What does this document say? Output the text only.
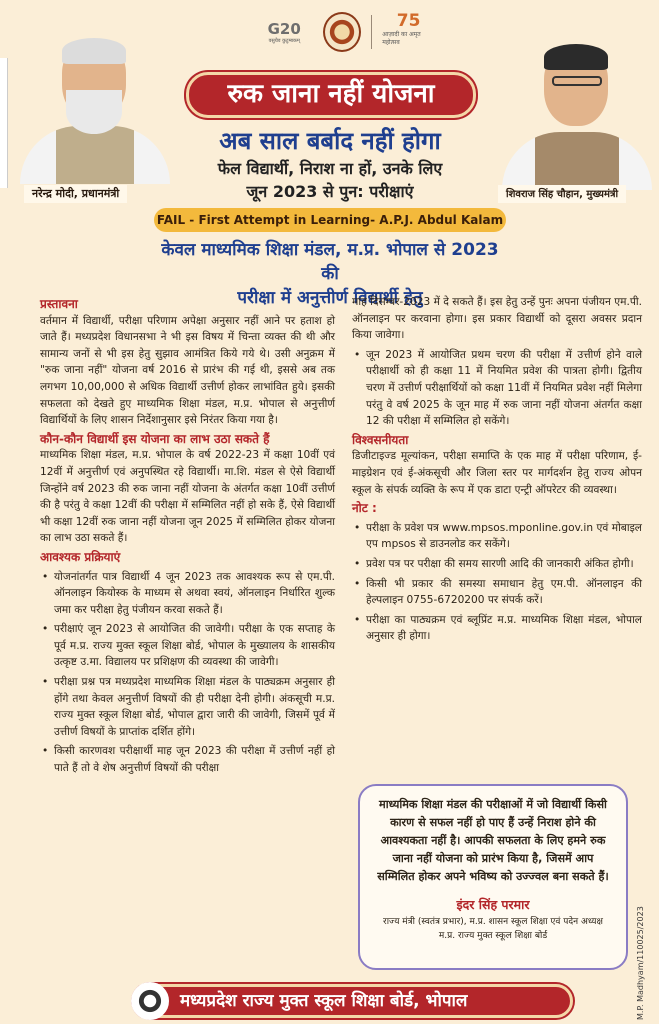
G20
वसुधैव कुटुम्बकम्
75
आज़ादी का अमृत महोत्सव
नरेन्द्र मोदी, प्रधानमंत्री	शिवराज सिंह चौहान, मुख्यमंत्री
रुक जाना नहीं योजना
अब साल बर्बाद नहीं होगा
फेल विद्यार्थी, निराश ना हों, उनके लिए
जून 2023 से पुन: परीक्षाएं
FAIL - First Attempt in Learning- A.P.J. Abdul Kalam
केवल माध्यमिक शिक्षा मंडल, म.प्र. भोपाल से 2023 की
परीक्षा में अनुत्तीर्ण विद्यार्थी हेतु
प्रस्तावना
वर्तमान में विद्यार्थी, परीक्षा परिणाम अपेक्षा अनुसार नहीं आने पर हताश हो जाते हैं। मध्यप्रदेश विधानसभा ने भी इस विषय में चिन्ता व्यक्त की थी और सामान्य जनों से भी इस हेतु सुझाव आमंत्रित किये गये थे। उसी अनुक्रम में "रुक जाना नहीं" योजना वर्ष 2016 से प्रारंभ की गई थी, इससे अब तक लगभग 10,00,000 से अधिक विद्यार्थी उत्तीर्ण होकर लाभांवित हुये। इसकी सफलता को देखते हुए माध्यमिक शिक्षा मंडल, म.प्र. भोपाल से अनुत्तीर्ण विद्यार्थियों के लिए शासन निर्देशानुसार इसे निरंतर किया गया है।
कौन-कौन विद्यार्थी इस योजना का लाभ उठा सकते हैं
माध्यमिक शिक्षा मंडल, म.प्र. भोपाल के वर्ष 2022-23 में कक्षा 10वीं एवं 12वीं में अनुत्तीर्ण एवं अनुपस्थित रहे विद्यार्थी। मा.शि. मंडल से ऐसे विद्यार्थी जिन्होंने वर्ष 2023 की रुक जाना नहीं योजना के अंतर्गत कक्षा 10वीं उत्तीर्ण की है परंतु वे कक्षा 12वीं की परीक्षा में सम्मिलित नहीं हो सके हैं, ऐसे विद्यार्थी भी कक्षा 12वीं रुक जाना नहीं योजना जून 2025 में सम्मिलित होकर योजना का लाभ उठा सकते हैं।
आवश्यक प्रक्रियाएं
• योजनांतर्गत पात्र विद्यार्थी 4 जून 2023 तक आवश्यक रूप से एम.पी. ऑनलाइन कियोस्क के माध्यम से अथवा स्वयं, ऑनलाइन निर्धारित शुल्क जमा कर परीक्षा हेतु पंजीयन करवा सकते हैं।
• परीक्षाएं जून 2023 से आयोजित की जावेगी। परीक्षा के एक सप्ताह के पूर्व म.प्र. राज्य मुक्त स्कूल शिक्षा बोर्ड, भोपाल के मुख्यालय के शासकीय उत्कृष्ट उ.मा. विद्यालय पर प्रशिक्षण की व्यवस्था की जावेगी।
• परीक्षा प्रश्न पत्र मध्यप्रदेश माध्यमिक शिक्षा मंडल के पाठ्यक्रम अनुसार ही होंगे तथा केवल अनुत्तीर्ण विषयों की ही परीक्षा देनी होगी। अंकसूची म.प्र. राज्य मुक्त स्कूल शिक्षा बोर्ड, भोपाल द्वारा जारी की जावेगी, जिसमें पूर्व में उत्तीर्ण विषयों के प्राप्तांक दर्शित होंगे।
• किसी कारणवश परीक्षार्थी माह जून 2023 की परीक्षा में उत्तीर्ण नहीं हो पाते हैं तो वे शेष अनुत्तीर्ण विषयों की परीक्षा
माह दिसम्बर-2023 में दे सकते हैं। इस हेतु उन्हें पुनः अपना पंजीयन एम.पी. ऑनलाइन पर करवाना होगा। इस प्रकार विद्यार्थी को दूसरा अवसर प्रदान किया जावेगा।
• जून 2023 में आयोजित प्रथम चरण की परीक्षा में उत्तीर्ण होने वाले परीक्षार्थी को ही कक्षा 11 में नियमित प्रवेश की पात्रता होगी। द्वितीय चरण में उत्तीर्ण परीक्षार्थियों को कक्षा 11वीं में नियमित प्रवेश नहीं मिलेगा परंतु वे वर्ष 2025 के जून माह में रुक जाना नहीं योजना अंतर्गत कक्षा 12 की परीक्षा में सम्मिलित हो सकेंगे।
विश्वसनीयता
डिजीटाइज्ड मूल्यांकन, परीक्षा समाप्ति के एक माह में परीक्षा परिणाम, ई-माइग्रेशन एवं ई-अंकसूची और जिला स्तर पर मार्गदर्शन हेतु राज्य ओपन स्कूल के संपर्क व्यक्ति के रूप में एक डाटा एन्ट्री ऑपरेटर की व्यवस्था।
नोट :
• परीक्षा के प्रवेश पत्र www.mpsos.mponline.gov.in एवं मोबाइल एप mpsos से डाउनलोड कर सकेंगे।
• प्रवेश पत्र पर परीक्षा की समय सारणी आदि की जानकारी अंकित होगी।
• किसी भी प्रकार की समस्या समाधान हेतु एम.पी. ऑनलाइन की हेल्पलाइन 0755-6720200 पर संपर्क करें।
• परीक्षा का पाठ्यक्रम एवं ब्लूप्रिंट म.प्र. माध्यमिक शिक्षा मंडल, भोपाल अनुसार ही होगा।
माध्यमिक शिक्षा मंडल की परीक्षाओं में जो विद्यार्थी किसी कारण से सफल नहीं हो पाए हैं उन्हें निराश होने की आवश्यकता नहीं है। आपकी सफलता के लिए हमने रुक जाना नहीं योजना को प्रारंभ किया है, जिसमें आप सम्मिलित होकर अपने भविष्य को उज्ज्वल बना सकते हैं।
इंदर सिंह परमार
राज्य मंत्री (स्वतंत्र प्रभार), म.प्र. शासन स्कूल शिक्षा एवं पदेन अध्यक्ष म.प्र. राज्य मुक्त स्कूल शिक्षा बोर्ड	M.P. Madhyam/110025/2023
मध्यप्रदेश राज्य मुक्त स्कूल शिक्षा बोर्ड, भोपाल
